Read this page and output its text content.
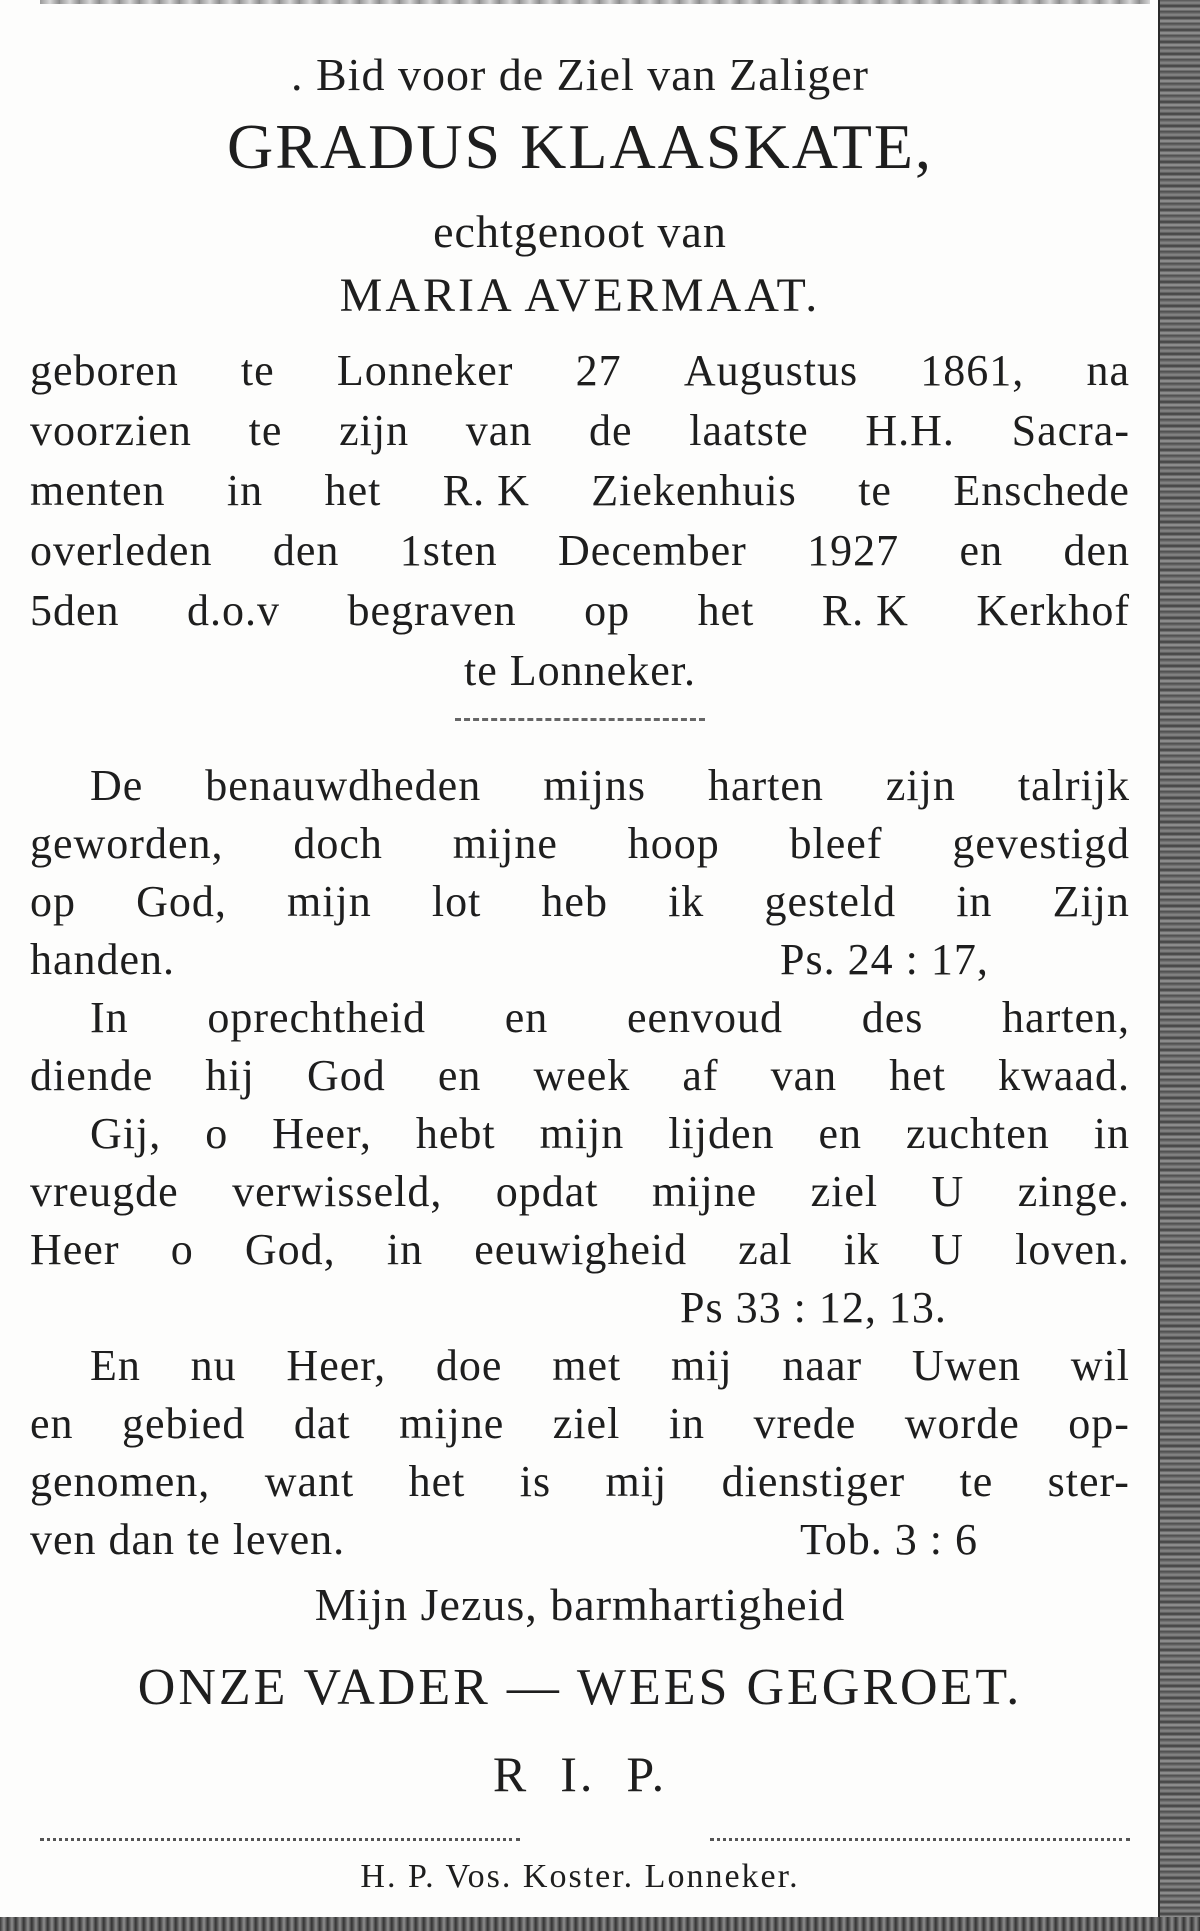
. Bid voor de Ziel van Zaliger
GRADUS KLAASKATE,
echtgenoot van
MARIA AVERMAAT.
geboren te Lonneker 27 Augustus 1861, na
voorzien te zijn van de laatste H.H. Sacra-
menten in het R. K Ziekenhuis te Enschede
overleden den 1sten December 1927 en den
5den d.o.v begraven op het R. K Kerkhof
te Lonneker.
De benauwdheden mijns harten zijn talrijk
geworden, doch mijne hoop bleef gevestigd
op God, mijn lot heb ik gesteld in Zijn
handen.	Ps. 24 : 17,
In oprechtheid en eenvoud des harten,
diende hij God en week af van het kwaad.
Gij, o Heer, hebt mijn lijden en zuchten in
vreugde verwisseld, opdat mijne ziel U zinge.
Heer o God, in eeuwigheid zal ik U loven.
Ps 33 : 12, 13.
En nu Heer, doe met mij naar Uwen wil
en gebied dat mijne ziel in vrede worde op-
genomen, want het is mij dienstiger te ster-
ven dan te leven.	Tob. 3 : 6
Mijn Jezus, barmhartigheid
ONZE VADER — WEES GEGROET.
R  I.  P.
H. P. Vos. Koster. Lonneker.
